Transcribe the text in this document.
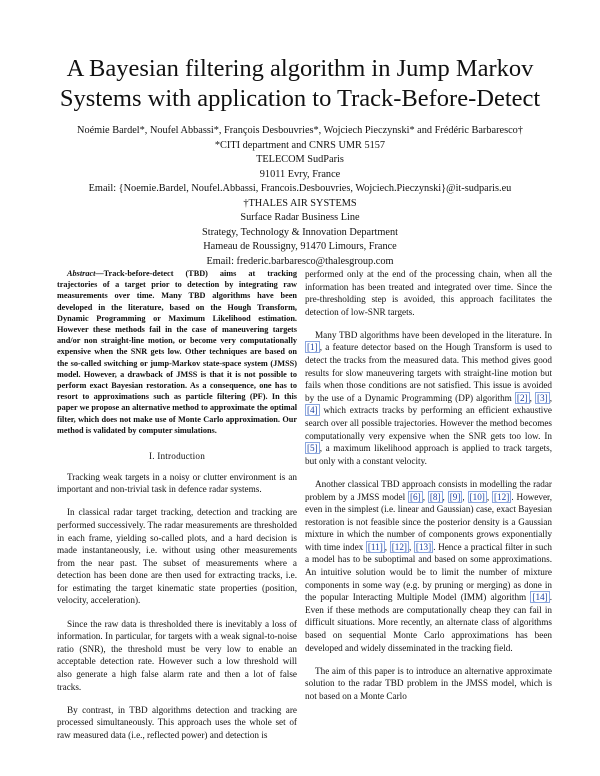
A Bayesian filtering algorithm in Jump Markov
Systems with application to Track-Before-Detect
Noémie Bardel*, Noufel Abbassi*, François Desbouvries*, Wojciech Pieczynski* and Frédéric Barbaresco†
*CITI department and CNRS UMR 5157
TELECOM SudParis
91011 Evry, France
Email: {Noemie.Bardel, Noufel.Abbassi, Francois.Desbouvries, Wojciech.Pieczynski}@it-sudparis.eu
†THALES AIR SYSTEMS
Surface Radar Business Line
Strategy, Technology & Innovation Department
Hameau de Roussigny, 91470 Limours, France
Email: frederic.barbaresco@thalesgroup.com

Abstract—Track-before-detect (TBD) aims at tracking trajectories of a target prior to detection by integrating raw measurements over time. Many TBD algorithms have been developed in the literature, based on the Hough Transform, Dynamic Programming or Maximum Likelihood estimation. However these methods fail in the case of maneuvering targets and/or non straight-line motion, or become very computationally expensive when the SNR gets low. Other techniques are based on the so-called switching or jump-Markov state-space system (JMSS) model. However, a drawback of JMSS is that it is not possible to perform exact Bayesian restoration. As a consequence, one has to resort to approximations such as particle filtering (PF). In this paper we propose an alternative method to approximate the optimal filter, which does not make use of Monte Carlo approximation. Our method is validated by computer simulations.

I. Introduction

Tracking weak targets in a noisy or clutter environment is an important and non-trivial task in defence radar systems.

In classical radar target tracking, detection and tracking are performed successively. The radar measurements are thresholded in each frame, yielding so-called plots, and a hard decision is made instantaneously, i.e. without using other measurements from the near past. The subset of measurements where a detection has been done are then used for extracting tracks, i.e. for estimating the target kinematic state properties (position, velocity, acceleration).

Since the raw data is thresholded there is inevitably a loss of information. In particular, for targets with a weak signal-to-noise ratio (SNR), the threshold must be very low to enable an acceptable detection rate. However such a low threshold will also generate a high false alarm rate and then a lot of false tracks.

By contrast, in TBD algorithms detection and tracking are processed simultaneously. This approach uses the whole set of raw measured data (i.e., reflected power) and detection is

performed only at the end of the processing chain, when all the information has been treated and integrated over time. Since the pre-thresholding step is avoided, this approach facilitates the detection of low-SNR targets.

Many TBD algorithms have been developed in the literature. In [1] , a feature detector based on the Hough Transform is used to detect the tracks from the measured data. This method gives good results for slow maneuvering targets with straight-line motion but fails when those conditions are not satisfied. This issue is avoided by the use of a Dynamic Programming (DP) algorithm [2] , [3] , [4] which extracts tracks by performing an efficient exhaustive search over all possible trajectories. However the method becomes computationally very expensive when the SNR gets too low. In [5] , a maximum likelihood approach is applied to track targets, but only with a constant velocity.

Another classical TBD approach consists in modelling the radar problem by a JMSS model [6] , [8] , [9] , [10] , [12] . However, even in the simplest (i.e. linear and Gaussian) case, exact Bayesian restoration is not feasible since the posterior density is a Gaussian mixture in which the number of components grows exponentially with time index [11] , [12] , [13] . Hence a practical filter in such a model has to be suboptimal and based on some approximations. An intuitive solution would be to limit the number of mixture components in some way (e.g. by pruning or merging) as done in the popular Interacting Multiple Model (IMM) algorithm [14] . Even if these methods are computationally cheap they can fail in difficult situations. More recently, an alternate class of algorithms based on sequential Monte Carlo approximations has been developed and widely disseminated in the tracking field.

The aim of this paper is to introduce an alternative approximate solution to the radar TBD problem in the JMSS model, which is not based on a Monte Carlo
